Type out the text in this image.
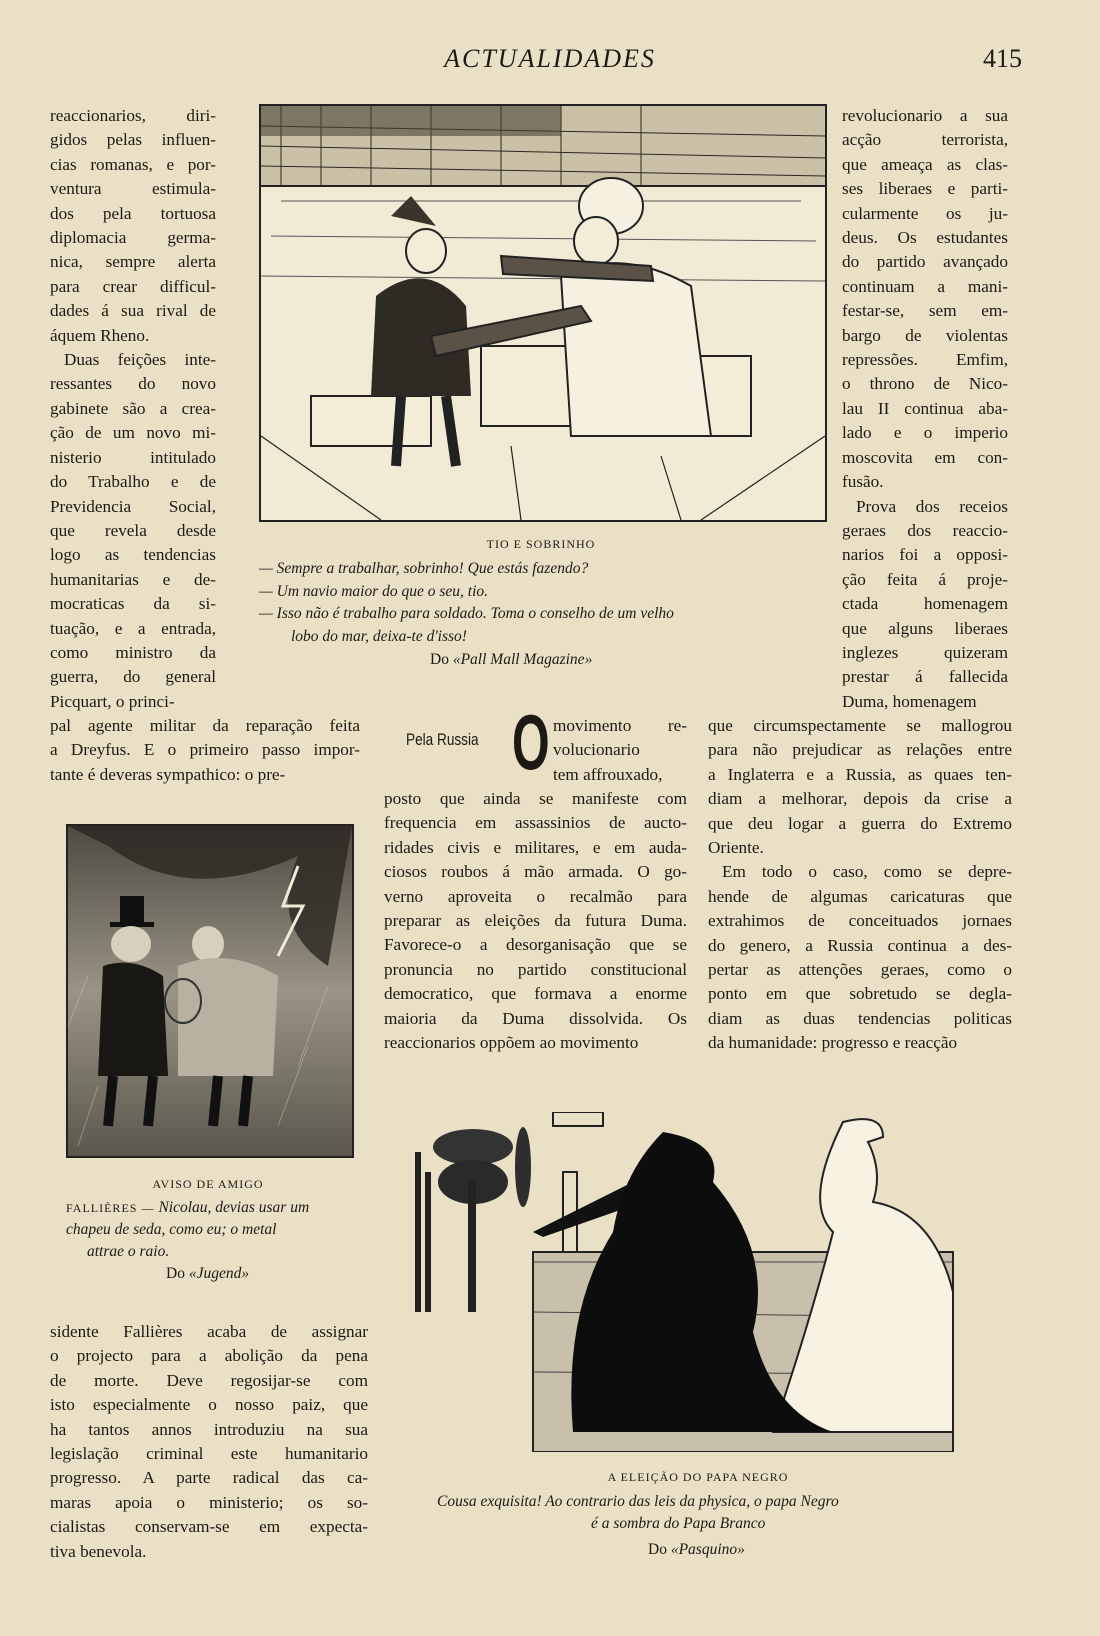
ACTUALIDADES	415
reaccionarios, diri-
gidos pelas influen-
cias romanas, e por-
ventura estimula-
dos pela tortuosa
diplomacia germa-
nica, sempre alerta
para crear difficul-
dades á sua rival de
áquem Rheno.
Duas feições inte-
ressantes do novo
gabinete são a crea-
ção de um novo mi-
nisterio intitulado
do Trabalho e de
Previdencia Social,
que revela desde
logo as tendencias
humanitarias e de-
mocraticas da si-
tuação, e a entrada,
como ministro da
guerra, do general
Picquart, o princi-
pal agente militar da reparação feita
a Dreyfus. E o primeiro passo impor-
tante é deveras sympathico: o pre-
revolucionario a sua
acção terrorista,
que ameaça as clas-
ses liberaes e parti-
cularmente os ju-
deus. Os estudantes
do partido avançado
continuam a mani-
festar-se, sem em-
bargo de violentas
repressões. Emfim,
o throno de Nico-
lau II continua aba-
lado e o imperio
moscovita em con-
fusão.
Prova dos receios
geraes dos reaccio-
narios foi a opposi-
ção feita á proje-
ctada homenagem
que alguns liberaes
inglezes quizeram
prestar á fallecida
Duma, homenagem
que circumspectamente se mallogrou
para não prejudicar as relações entre
a Inglaterra e a Russia, as quaes ten-
diam a melhorar, depois da crise a
que deu logar a guerra do Extremo
Oriente.
Em todo o caso, como se depre-
hende de algumas caricaturas que
extrahimos de conceituados jornaes
do genero, a Russia continua a des-
pertar as attenções geraes, como o
ponto em que sobretudo se degla-
diam as duas tendencias politicas
da humanidade: progresso e reacção
Pela Russia O movimento re-
volucionario
tem affrouxado,
posto que ainda se manifeste com
frequencia em assassinios de aucto-
ridades civis e militares, e em auda-
ciosos roubos á mão armada. O go-
verno aproveita o recalmão para
preparar as eleições da futura Duma.
Favorece-o a desorganisação que se
pronuncia no partido constitucional
democratico, que formava a enorme
maioria da Duma dissolvida. Os
reaccionarios oppõem ao movimento
sidente Fallières acaba de assignar
o projecto para a abolição da pena
de morte. Deve regosijar-se com
isto especialmente o nosso paiz, que
ha tantos annos introduziu na sua
legislação criminal este humanitario
progresso. A parte radical das ca-
maras apoia o ministerio; os so-
cialistas conservam-se em expecta-
tiva benevola.
TIO E SOBRINHO
— Sempre a trabalhar, sobrinho! Que estás fazendo?
— Um navio maior do que o seu, tio.
— Isso não é trabalho para soldado. Toma o conselho de um velho
lobo do mar, deixa-te d'isso!
Do «Pall Mall Magazine»
AVISO DE AMIGO
FALLIÈRES — Nicolau, devias usar um
chapeu de seda, como eu; o metal
attrae o raio.
Do «Jugend»
A ELEIÇÃO DO PAPA NEGRO
Cousa exquisita! Ao contrario das leis da physica, o papa Negro
é a sombra do Papa Branco
Do «Pasquino»
